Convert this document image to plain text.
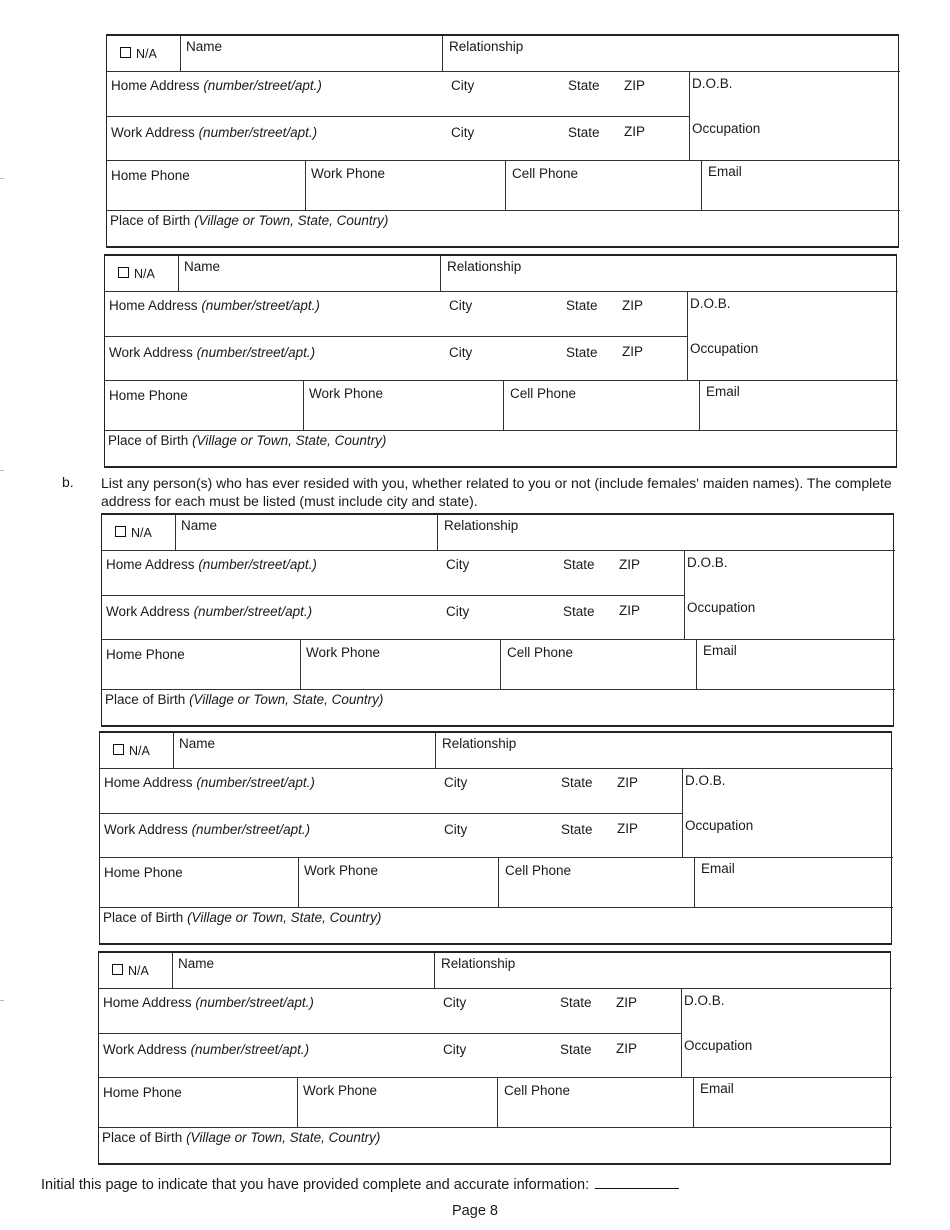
N/A Name	Relationship
Home Address (number/street/apt.)	City	State ZIP	D.O.B.
Work Address (number/street/apt.)	City	State ZIP	Occupation
Home Phone	Work Phone	Cell Phone	Email
Place of Birth (Village or Town, State, Country)
N/A Name	Relationship
Home Address (number/street/apt.)	City	State ZIP	D.O.B.
Work Address (number/street/apt.)	City	State ZIP	Occupation
Home Phone	Work Phone	Cell Phone	Email
Place of Birth (Village or Town, State, Country)
N/A Name	Relationship
Home Address (number/street/apt.)	City	State ZIP	D.O.B.
Work Address (number/street/apt.)	City	State ZIP	Occupation
Home Phone	Work Phone	Cell Phone	Email
Place of Birth (Village or Town, State, Country)
N/A Name	Relationship
Home Address (number/street/apt.)	City	State ZIP	D.O.B.
Work Address (number/street/apt.)	City	State ZIP	Occupation
Home Phone	Work Phone	Cell Phone	Email
Place of Birth (Village or Town, State, Country)
N/A Name	Relationship
Home Address (number/street/apt.)	City	State ZIP	D.O.B.
Work Address (number/street/apt.)	City	State ZIP	Occupation
Home Phone	Work Phone	Cell Phone	Email
Place of Birth (Village or Town, State, Country)
b. List any person(s) who has ever resided with you, whether related to you or not (include females' maiden names). The complete address for each must be listed (must include city and state).
Initial this page to indicate that you have provided complete and accurate information:
Page 8
